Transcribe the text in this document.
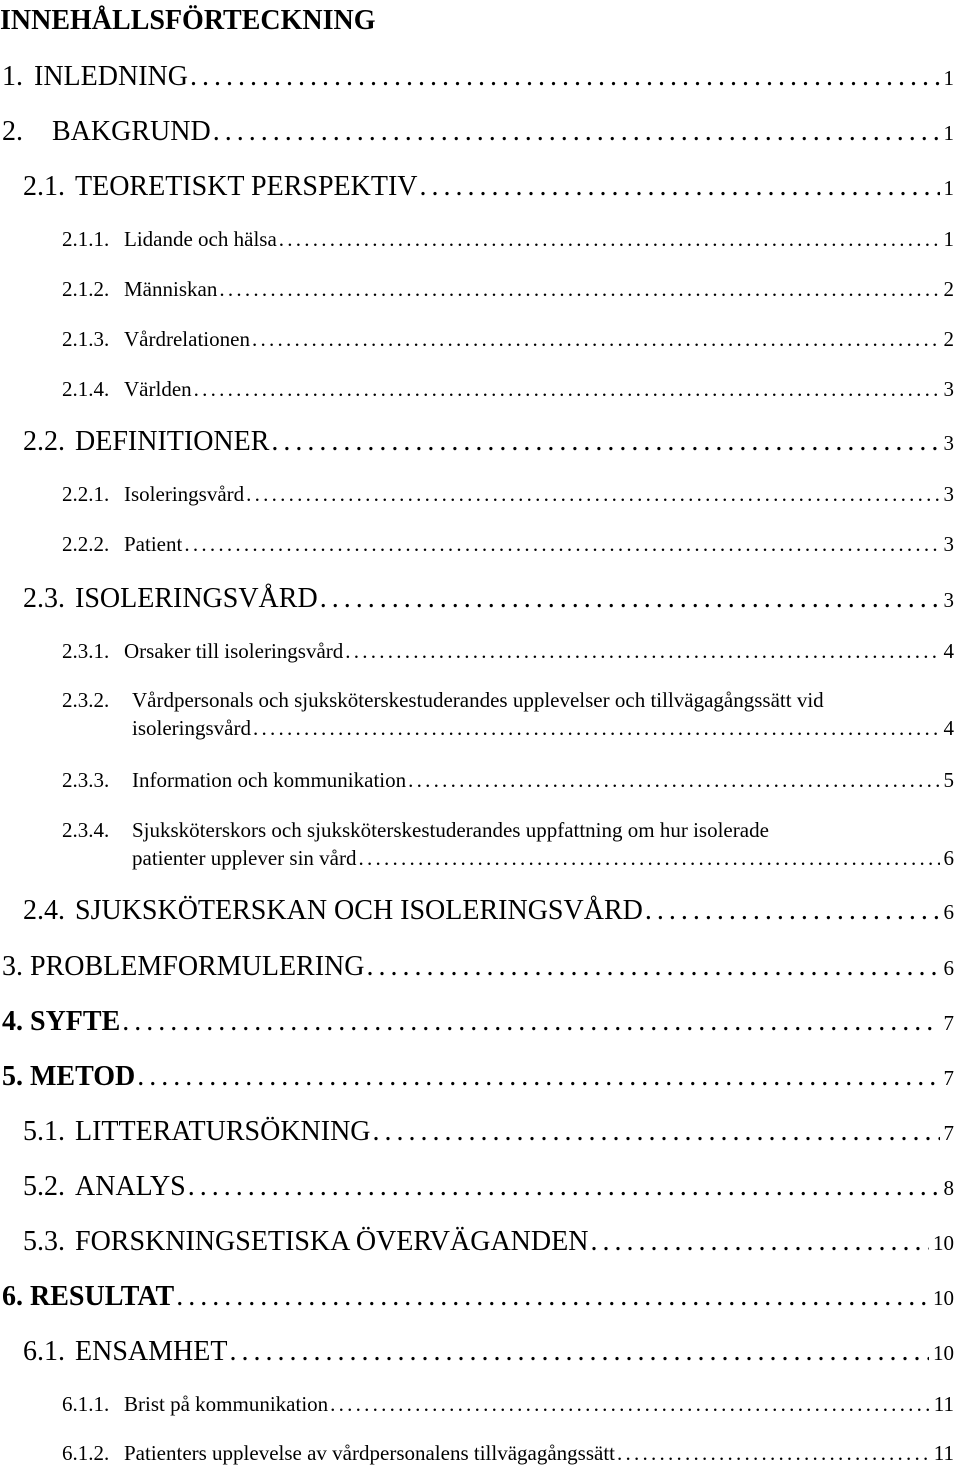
INNEHÅLLSFÖRTECKNING
1. INLEDNING . . .	1
2.	BAKGRUND . . .	1
2.1. TEORETISKT PERSPEKTIV . . .	1
2.1.1. Lidande och hälsa . . .	1
2.1.2. Människan . . .	2
2.1.3. Vårdrelationen . . .	2
2.1.4. Världen . . .	3
2.2. DEFINITIONER . . .	3
2.2.1. Isoleringsvård . . .	3
2.2.2. Patient . . .	3
2.3. ISOLERINGSVÅRD . . .	3
2.3.1. Orsaker till isoleringsvård . . .	4
2.3.2.	Vårdpersonals och sjuksköterskestuderandes upplevelser och tillvägagångssätt vid
isoleringsvård . . .	4
2.3.3.	Information och kommunikation . . .	5
2.3.4.	Sjuksköterskors och sjuksköterskestuderandes uppfattning om hur isolerade
patienter upplever sin vård . . .	6
2.4. SJUKSKÖTERSKAN OCH ISOLERINGSVÅRD . . .	6
3. PROBLEMFORMULERING . . .	6
4. SYFTE . . .	7
5. METOD . . .	7
5.1. LITTERATURSÖKNING . . .	7
5.2. ANALYS . . .	8
5.3. FORSKNINGSETISKA ÖVERVÄGANDEN . . .	10
6. RESULTAT . . .	10
6.1. ENSAMHET . . .	10
6.1.1. Brist på kommunikation . . .	11
6.1.2. Patienters upplevelse av vårdpersonalens tillvägagångssätt . . .	11
